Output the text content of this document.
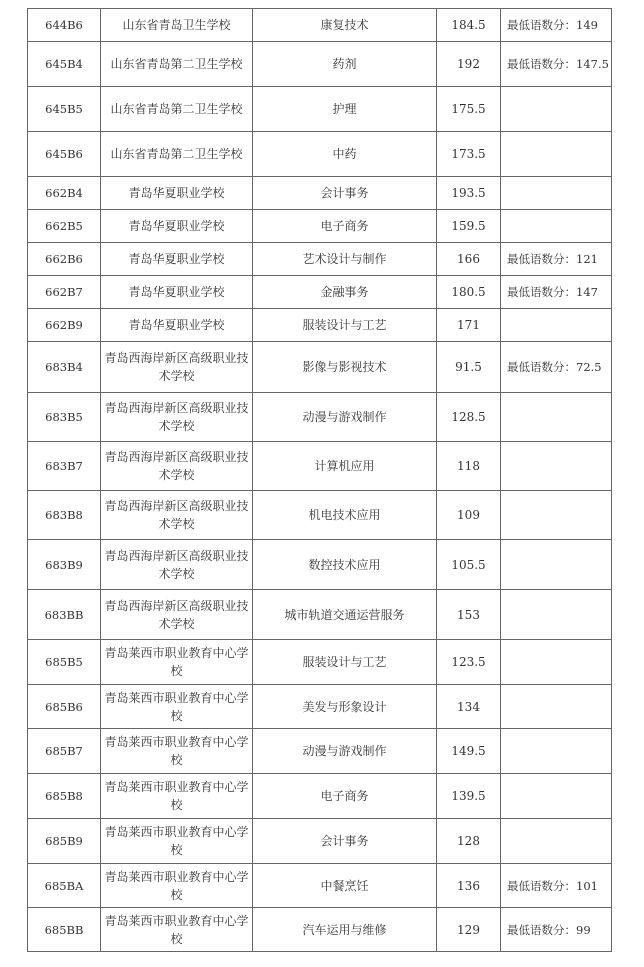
644B6	山东省青岛卫生学校	康复技术	184.5	最低语数分：149
645B4	山东省青岛第二卫生学校	药剂	192	最低语数分：147.5
645B5	山东省青岛第二卫生学校	护理	175.5	
645B6	山东省青岛第二卫生学校	中药	173.5	
662B4	青岛华夏职业学校	会计事务	193.5	
662B5	青岛华夏职业学校	电子商务	159.5	
662B6	青岛华夏职业学校	艺术设计与制作	166	最低语数分：121
662B7	青岛华夏职业学校	金融事务	180.5	最低语数分：147
662B9	青岛华夏职业学校	服装设计与工艺	171	
683B4	青岛西海岸新区高级职业技术学校	影像与影视技术	91.5	最低语数分：72.5
683B5	青岛西海岸新区高级职业技术学校	动漫与游戏制作	128.5	
683B7	青岛西海岸新区高级职业技术学校	计算机应用	118	
683B8	青岛西海岸新区高级职业技术学校	机电技术应用	109	
683B9	青岛西海岸新区高级职业技术学校	数控技术应用	105.5	
683BB	青岛西海岸新区高级职业技术学校	城市轨道交通运营服务	153	
685B5	青岛莱西市职业教育中心学校	服装设计与工艺	123.5	
685B6	青岛莱西市职业教育中心学校	美发与形象设计	134	
685B7	青岛莱西市职业教育中心学校	动漫与游戏制作	149.5	
685B8	青岛莱西市职业教育中心学校	电子商务	139.5	
685B9	青岛莱西市职业教育中心学校	会计事务	128	
685BA	青岛莱西市职业教育中心学校	中餐烹饪	136	最低语数分：101
685BB	青岛莱西市职业教育中心学校	汽车运用与维修	129	最低语数分：99
